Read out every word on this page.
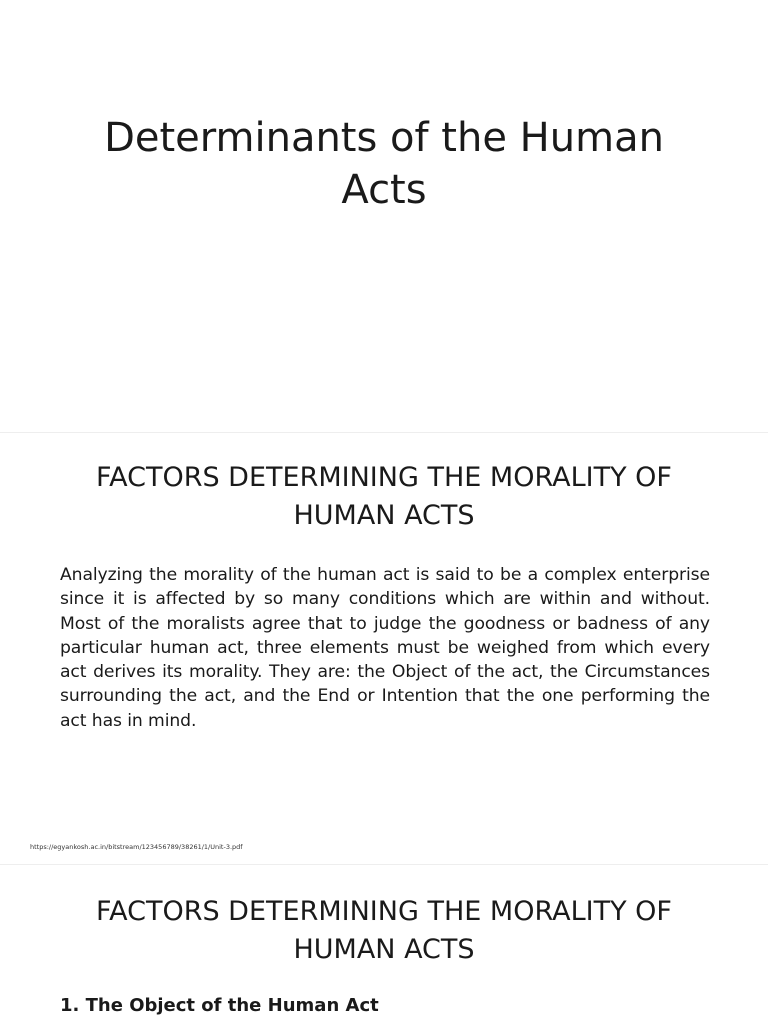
Determinants of the Human
Acts
FACTORS DETERMINING THE MORALITY OF
HUMAN ACTS

Analyzing the morality of the human act is said to be a complex enterprise since it is affected by so many conditions which are within and without. Most of the moralists agree that to judge the goodness or badness of any particular human act, three elements must be weighed from which every act derives its morality. They are: the Object of the act, the Circumstances surrounding the act, and the End or Intention that the one performing the act has in mind.

https://egyankosh.ac.in/bitstream/123456789/38261/1/Unit-3.pdf

FACTORS DETERMINING THE MORALITY OF
HUMAN ACTS

1. The Object of the Human Act
